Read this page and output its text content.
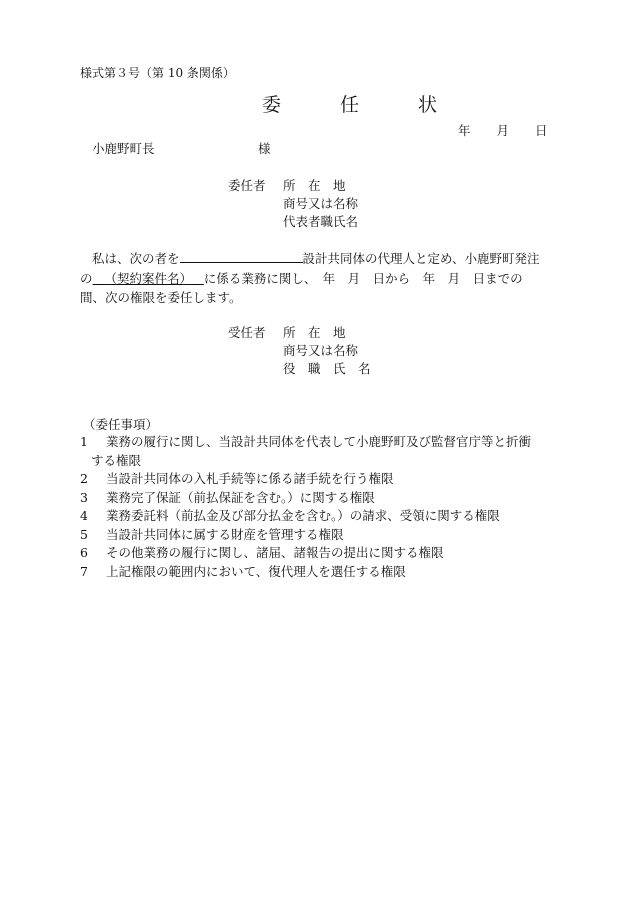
様式第３号（第 10 条関係）
委　任　状
年 月 日
小鹿野町長	様
委任者 所　在　地
商号又は名称
代表者職氏名

私は、次の者を	設計共同体の代理人と定め、小鹿野町発注

の （契約案件名） に係る業務に関し、　年　月　日から　年　月　日までの

間、次の権限を委任します。

受任者 所　在　地
商号又は名称
役　職　氏　名
（委任事項）
1	業務の履行に関し、当設計共同体を代表して小鹿野町及び監督官庁等と折衝
する権限
2	当設計共同体の入札手続等に係る諸手続を行う権限
3	業務完了保証（前払保証を含む。）に関する権限
4	業務委託料（前払金及び部分払金を含む。）の請求、受領に関する権限
5	当設計共同体に属する財産を管理する権限
6	その他業務の履行に関し、諸届、諸報告の提出に関する権限
7	上記権限の範囲内において、復代理人を選任する権限
